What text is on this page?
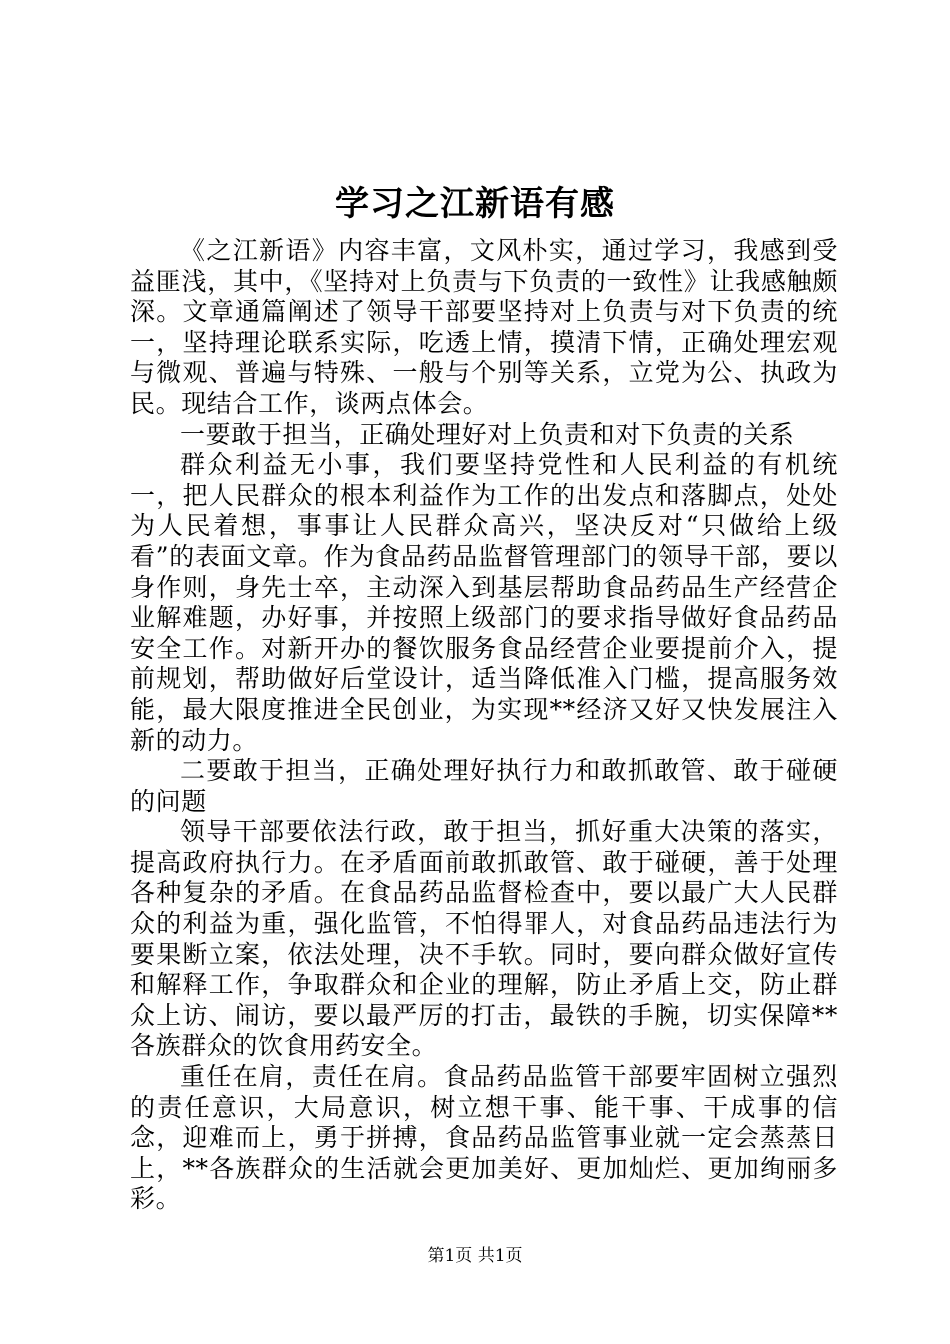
学习之江新语有感

《之江新语》内容丰富，文风朴实，通过学习，我感到受益匪浅，其中，《坚持对上负责与下负责的一致性》让我感触颇深。文章通篇阐述了领导干部要坚持对上负责与对下负责的统一，坚持理论联系实际，吃透上情，摸清下情，正确处理宏观与微观、普遍与特殊、一般与个别等关系，立党为公、执政为民。现结合工作，谈两点体会。

一要敢于担当，正确处理好对上负责和对下负责的关系

群众利益无小事，我们要坚持党性和人民利益的有机统一，把人民群众的根本利益作为工作的出发点和落脚点，处处为人民着想，事事让人民群众高兴，坚决反对“只做给上级看”的表面文章。作为食品药品监督管理部门的领导干部，要以身作则，身先士卒，主动深入到基层帮助食品药品生产经营企业解难题，办好事，并按照上级部门的要求指导做好食品药品安全工作。对新开办的餐饮服务食品经营企业要提前介入，提前规划，帮助做好后堂设计，适当降低准入门槛，提高服务效能，最大限度推进全民创业，为实现**经济又好又快发展注入新的动力。

二要敢于担当，正确处理好执行力和敢抓敢管、敢于碰硬的问题

领导干部要依法行政，敢于担当，抓好重大决策的落实，提高政府执行力。在矛盾面前敢抓敢管、敢于碰硬，善于处理各种复杂的矛盾。在食品药品监督检查中，要以最广大人民群众的利益为重，强化监管，不怕得罪人，对食品药品违法行为要果断立案，依法处理，决不手软。同时，要向群众做好宣传和解释工作，争取群众和企业的理解，防止矛盾上交，防止群众上访、闹访，要以最严厉的打击，最铁的手腕，切实保障**各族群众的饮食用药安全。

重任在肩，责任在肩。食品药品监管干部要牢固树立强烈的责任意识，大局意识，树立想干事、能干事、干成事的信念，迎难而上，勇于拼搏，食品药品监管事业就一定会蒸蒸日上，**各族群众的生活就会更加美好、更加灿烂、更加绚丽多彩。

第1页 共1页
